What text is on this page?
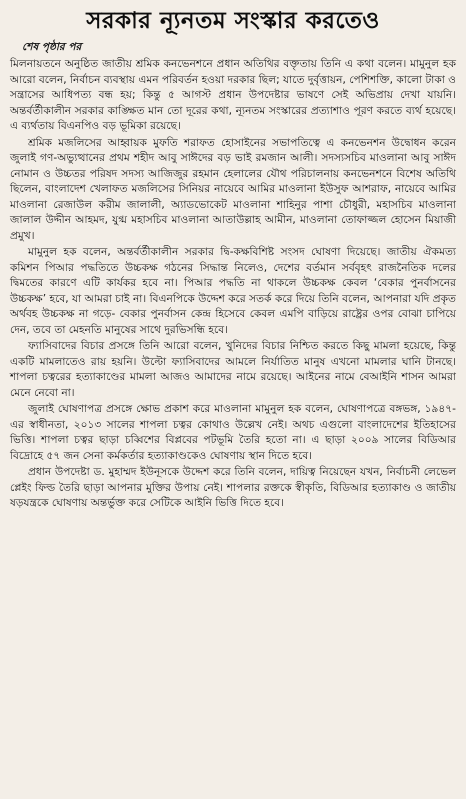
সরকার ন্যূনতম সংস্কার করতেও
শেষ পৃষ্ঠার পর

মিলনায়তনে অনুষ্ঠিত জাতীয় শ্রমিক কনভেনশনে প্রধান অতিথির বক্তৃতায় তিনি এ কথা বলেন। মামুনুল হক আরো বলেন, নির্বাচন ব্যবস্থায় এমন পরিবর্তন হওয়া দরকার ছিল; যাতে দুর্বৃত্তায়ন, পেশিশক্তি, কালো টাকা ও সন্ত্রাসের আধিপত্য বন্ধ হয়; কিন্তু ৫ আগস্ট প্রধান উপদেষ্টার ভাষণে সেই অভিপ্রায় দেখা যায়নি। অন্তর্বর্তীকালীন সরকার কাঙ্ক্ষিত মান তো দূরের কথা, ন্যূনতম সংস্কারের প্রত্যাশাও পূরণ করতে ব্যর্থ হয়েছে। এ ব্যর্থতায় বিএনপিও বড় ভূমিকা রয়েছে।

শ্রমিক মজলিসের আহ্বায়ক মুফতি শরাফত হোসাইনের সভাপতিত্বে এ কনভেনশন উদ্বোধন করেন জুলাই গণ-অভ্যুত্থানের প্রথম শহীদ আবু সাঈদের বড় ভাই রমজান আলী। সদস্যসচিব মাওলানা আবু সাঈদ নোমান ও উচ্চতর পরিষদ সদস্য আজিজুর রহমান হেলালের যৌথ পরিচালনায় কনভেনশনে বিশেষ অতিথি ছিলেন, বাংলাদেশ খেলাফত মজলিসের সিনিয়র নায়েবে আমির মাওলানা ইউসুফ আশরাফ, নায়েবে আমির মাওলানা রেজাউল করীম জালালী, অ্যাডভোকেট মাওলানা শাহিনুর পাশা চৌধুরী, মহাসচিব মাওলানা জালাল উদ্দীন আহমদ, যুগ্ম মহাসচিব মাওলানা আতাউল্লাহ আমীন, মাওলানা তোফাজ্জল হোসেন মিয়াজী প্রমুখ।

মামুনুল হক বলেন, অন্তর্বর্তীকালীন সরকার দ্বি-কক্ষবিশিষ্ট সংসদ ঘোষণা দিয়েছে। জাতীয় ঐকমত্য কমিশন পিআর পদ্ধতিতে উচ্চকক্ষ গঠনের সিদ্ধান্ত নিলেও, দেশের বর্তমান সর্ববৃহৎ রাজনৈতিক দলের দ্বিমতের কারণে এটি কার্যকর হবে না। পিআর পদ্ধতি না থাকলে উচ্চকক্ষ কেবল ‘বেকার পুনর্বাসনের উচ্চকক্ষ’ হবে, যা আমরা চাই না। বিএনপিকে উদ্দেশ করে সতর্ক করে দিয়ে তিনি বলেন, আপনারা যদি প্রকৃত অর্থবহ উচ্চকক্ষ না গড়ে- বেকার পুনর্বাসন কেন্দ্র হিসেবে কেবল এমপি বাড়িয়ে রাষ্ট্রের ওপর বোঝা চাপিয়ে দেন, তবে তা মেহনতি মানুষের সাথে দুরভিসন্ধি হবে।

ফ্যাসিবাদের বিচার প্রসঙ্গে তিনি আরো বলেন, খুনিদের বিচার নিশ্চিত করতে কিছু মামলা হয়েছে, কিন্তু একটি মামলাতেও রায় হয়নি। উল্টো ফ্যাসিবাদের আমলে নির্যাতিত মানুষ এখনো মামলার ঘানি টানছে। শাপলা চত্বরের হত্যাকাণ্ডের মামলা আজও আমাদের নামে রয়েছে। আইনের নামে বেআইনি শাসন আমরা মেনে নেবো না।

জুলাই ঘোষণাপত্র প্রসঙ্গে ক্ষোভ প্রকাশ করে মাওলানা মামুনুল হক বলেন, ঘোষণাপত্রে বঙ্গভঙ্গ, ১৯৪৭-এর স্বাধীনতা, ২০১৩ সালের শাপলা চত্বর কোথাও উল্লেখ নেই। অথচ এগুলো বাংলাদেশের ইতিহাসের ভিত্তি। শাপলা চত্বর ছাড়া চব্বিশের বিপ্লবের পটভূমি তৈরি হতো না। এ ছাড়া ২০০৯ সালের বিডিআর বিদ্রোহে ৫৭ জন সেনা কর্মকর্তার হত্যাকাণ্ডকেও ঘোষণায় স্থান দিতে হবে।

প্রধান উপদেষ্টা ড. মুহাম্মদ ইউনূসকে উদ্দেশ করে তিনি বলেন, দায়িত্ব নিয়েছেন যখন, নির্বাচনী লেভেল প্লেইং ফিল্ড তৈরি ছাড়া আপনার মুক্তির উপায় নেই। শাপলার রক্তকে স্বীকৃতি, বিডিআর হত্যাকাণ্ড ও জাতীয় ষড়যন্ত্রকে ঘোষণায় অন্তর্ভুক্ত করে সেটিকে আইনি ভিত্তি দিতে হবে।
